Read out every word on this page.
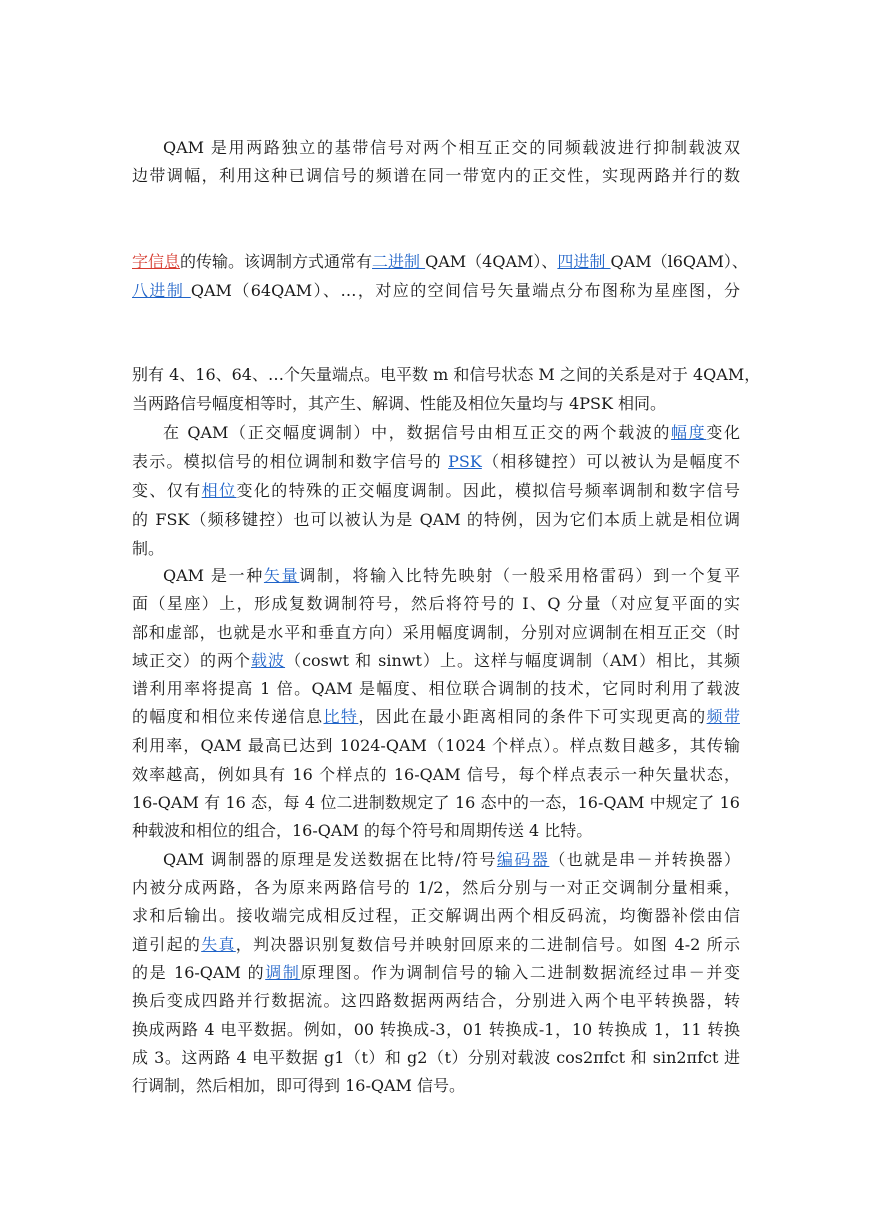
QAM 是用两路独立的基带信号对两个相互正交的同频载波进行抑制载波双
边带调幅，利用这种已调信号的频谱在同一带宽内的正交性，实现两路并行的数
字信息的传输。该调制方式通常有二进制 QAM（4QAM）、四进制 QAM（l6QAM）、
八进制 QAM（64QAM）、…，对应的空间信号矢量端点分布图称为星座图，分
别有 4、16、64、…个矢量端点。电平数 m 和信号状态 M 之间的关系是对于 4QAM，
当两路信号幅度相等时，其产生、解调、性能及相位矢量均与 4PSK 相同。
在 QAM（正交幅度调制）中，数据信号由相互正交的两个载波的幅度变化
表示。模拟信号的相位调制和数字信号的 PSK（相移键控）可以被认为是幅度不
变、仅有相位变化的特殊的正交幅度调制。因此，模拟信号频率调制和数字信号
的 FSK（频移键控）也可以被认为是 QAM 的特例，因为它们本质上就是相位调
制。
QAM 是一种矢量调制，将输入比特先映射（一般采用格雷码）到一个复平
面（星座）上，形成复数调制符号，然后将符号的 I、Q 分量（对应复平面的实
部和虚部，也就是水平和垂直方向）采用幅度调制，分别对应调制在相互正交（时
域正交）的两个载波（coswt 和 sinwt）上。这样与幅度调制（AM）相比，其频
谱利用率将提高 1 倍。QAM 是幅度、相位联合调制的技术，它同时利用了载波
的幅度和相位来传递信息比特，因此在最小距离相同的条件下可实现更高的频带
利用率，QAM 最高已达到 1024-QAM（1024 个样点）。样点数目越多，其传输
效率越高，例如具有 16 个样点的 16-QAM 信号，每个样点表示一种矢量状态，
16-QAM 有 16 态，每 4 位二进制数规定了 16 态中的一态，16-QAM 中规定了 16
种载波和相位的组合，16-QAM 的每个符号和周期传送 4 比特。
QAM 调制器的原理是发送数据在比特/符号编码器（也就是串－并转换器）
内被分成两路，各为原来两路信号的 1/2，然后分别与一对正交调制分量相乘，
求和后输出。接收端完成相反过程，正交解调出两个相反码流，均衡器补偿由信
道引起的失真，判决器识别复数信号并映射回原来的二进制信号。如图 4-2 所示
的是 16-QAM 的调制原理图。作为调制信号的输入二进制数据流经过串－并变
换后变成四路并行数据流。这四路数据两两结合，分别进入两个电平转换器，转
换成两路 4 电平数据。例如，00 转换成-3，01 转换成-1，10 转换成 1，11 转换
成 3。这两路 4 电平数据 g1（t）和 g2（t）分别对载波 cos2πfct 和 sin2πfct 进
行调制，然后相加，即可得到 16-QAM 信号。
